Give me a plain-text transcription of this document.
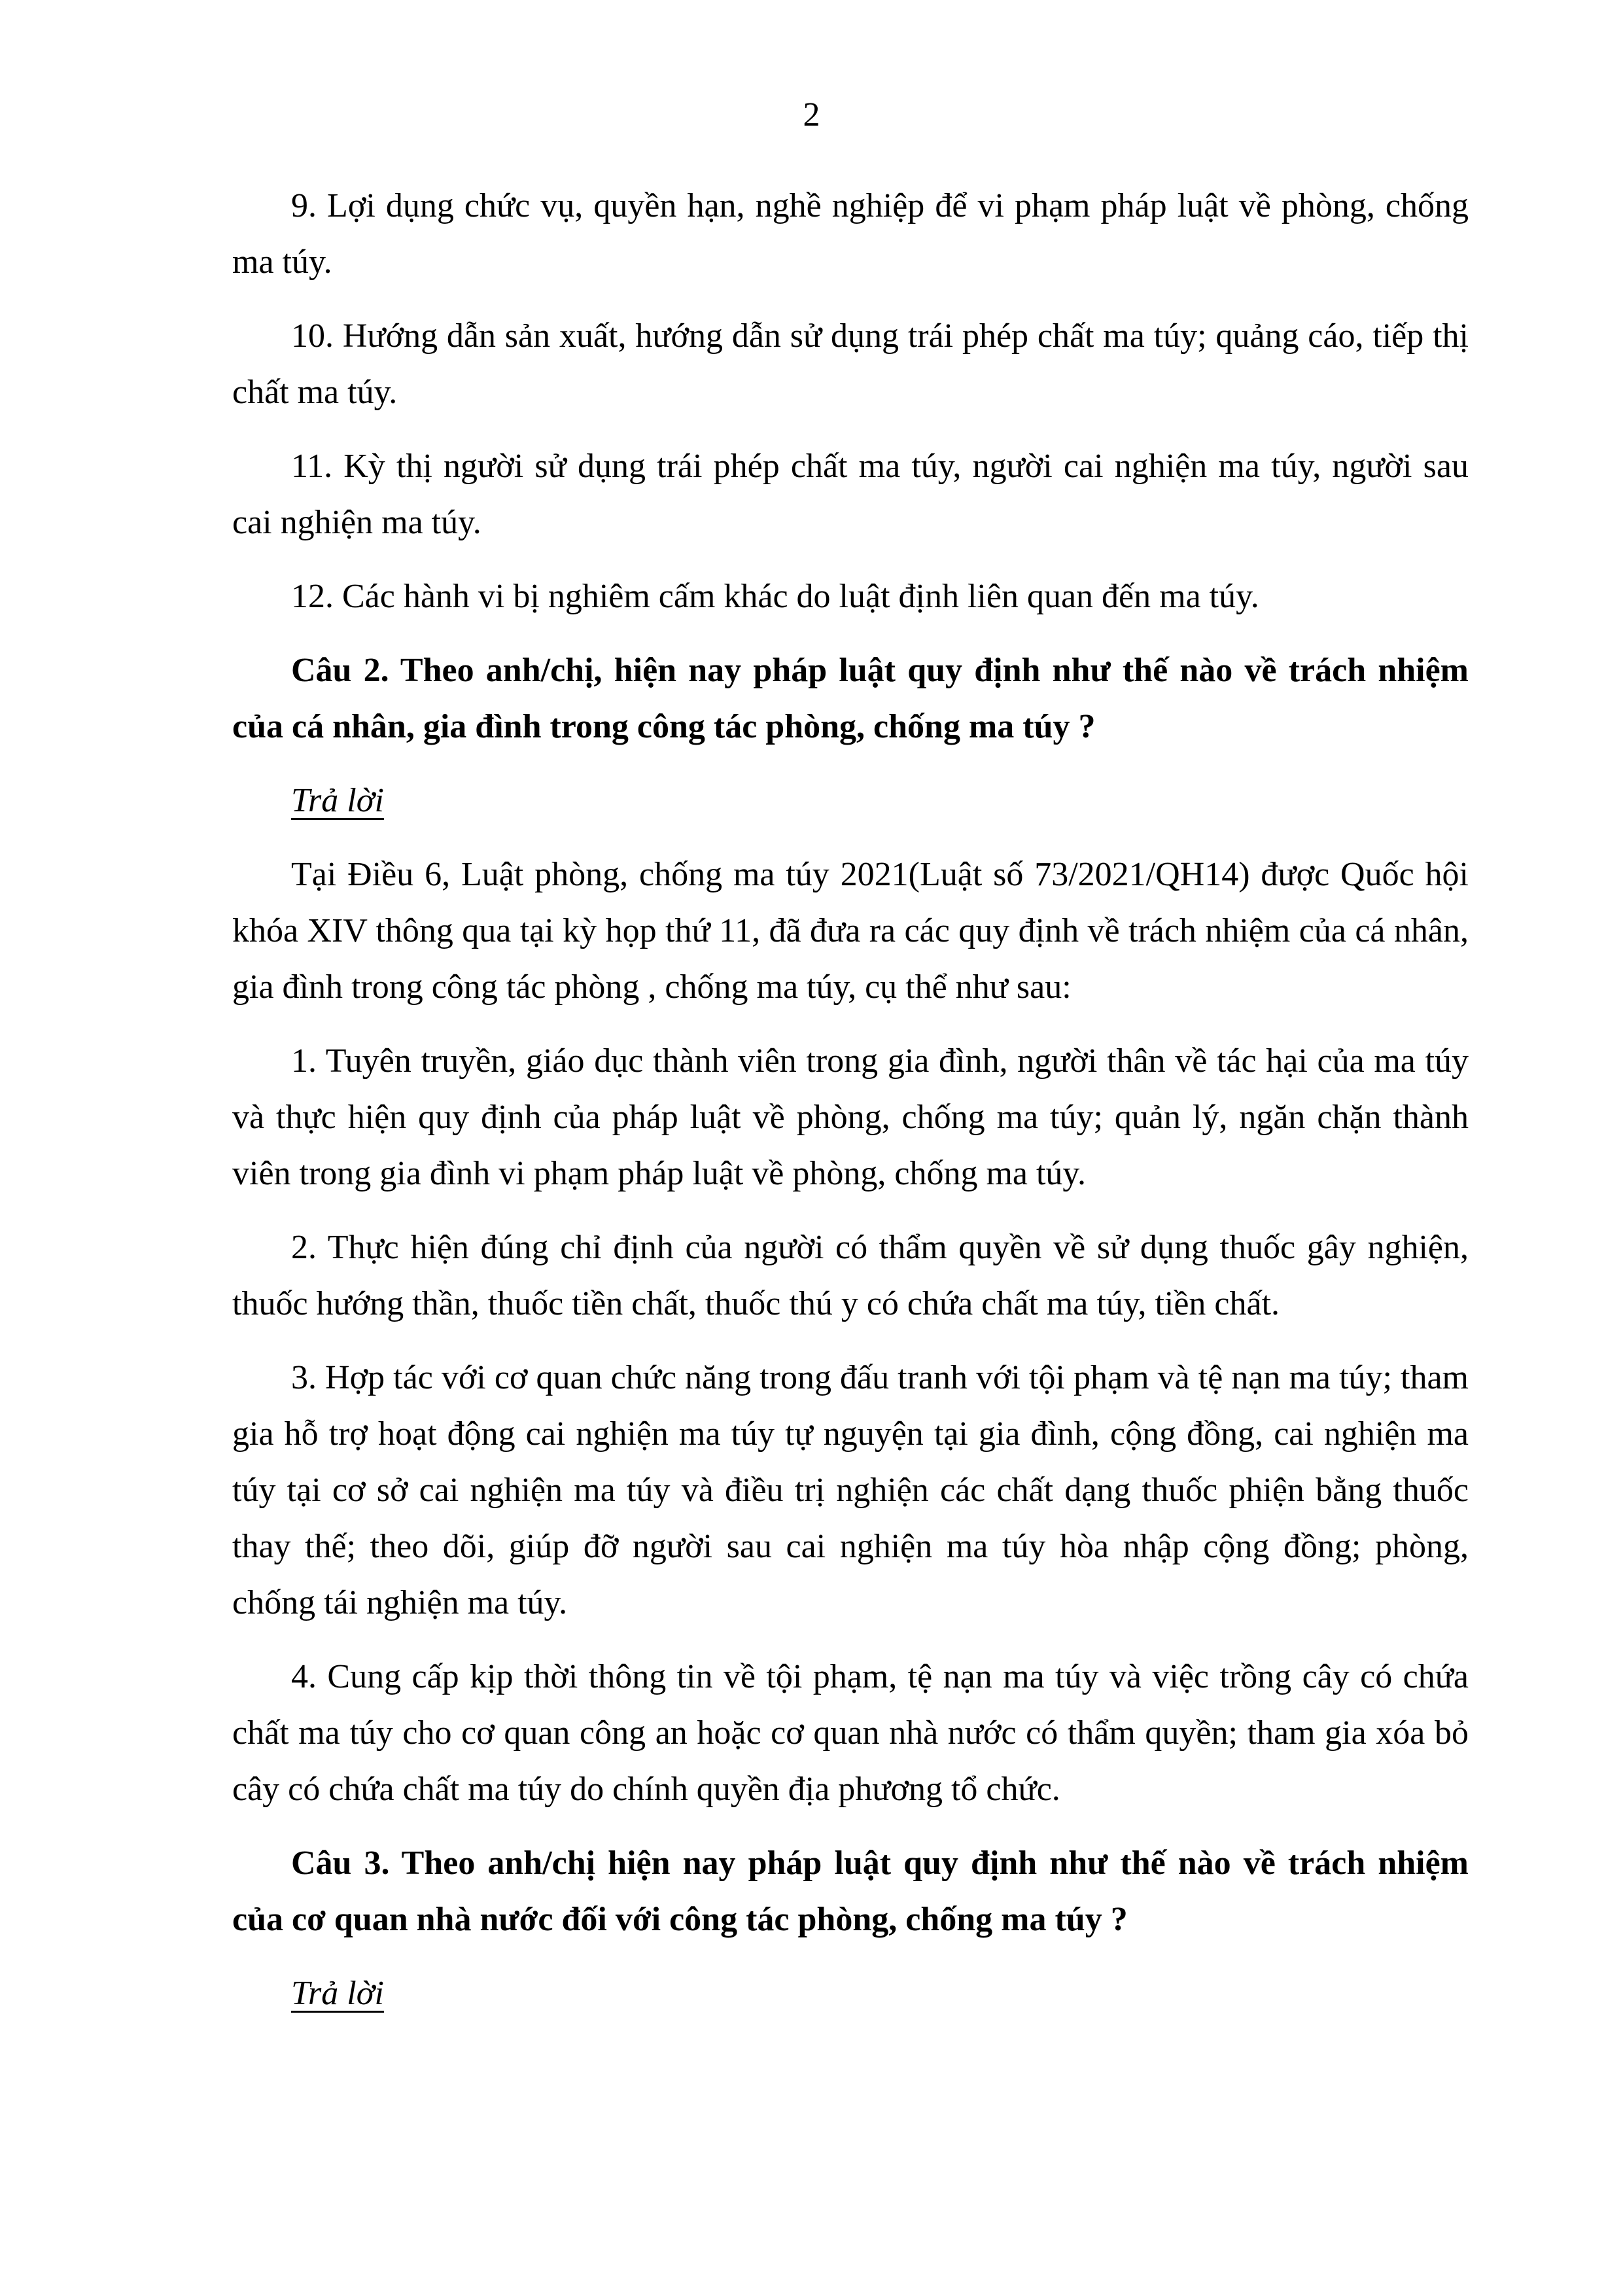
2

9. Lợi dụng chức vụ, quyền hạn, nghề nghiệp để vi phạm pháp luật về phòng, chống ma túy.

10. Hướng dẫn sản xuất, hướng dẫn sử dụng trái phép chất ma túy; quảng cáo, tiếp thị chất ma túy.

11. Kỳ thị người sử dụng trái phép chất ma túy, người cai nghiện ma túy, người sau cai nghiện ma túy.

12. Các hành vi bị nghiêm cấm khác do luật định liên quan đến ma túy.

Câu 2. Theo anh/chị, hiện nay pháp luật quy định như thế nào về trách nhiệm của cá nhân, gia đình trong công tác phòng, chống ma túy ?

Trả lời

Tại Điều 6, Luật phòng, chống ma túy 2021(Luật số 73/2021/QH14) được Quốc hội khóa XIV thông qua tại kỳ họp thứ 11, đã đưa ra các quy định về trách nhiệm của cá nhân, gia đình trong công tác phòng , chống ma túy, cụ thể như sau:

1. Tuyên truyền, giáo dục thành viên trong gia đình, người thân về tác hại của ma túy và thực hiện quy định của pháp luật về phòng, chống ma túy; quản lý, ngăn chặn thành viên trong gia đình vi phạm pháp luật về phòng, chống ma túy.

2. Thực hiện đúng chỉ định của người có thẩm quyền về sử dụng thuốc gây nghiện, thuốc hướng thần, thuốc tiền chất, thuốc thú y có chứa chất ma túy, tiền chất.

3. Hợp tác với cơ quan chức năng trong đấu tranh với tội phạm và tệ nạn ma túy; tham gia hỗ trợ hoạt động cai nghiện ma túy tự nguyện tại gia đình, cộng đồng, cai nghiện ma túy tại cơ sở cai nghiện ma túy và điều trị nghiện các chất dạng thuốc phiện bằng thuốc thay thế; theo dõi, giúp đỡ người sau cai nghiện ma túy hòa nhập cộng đồng; phòng, chống tái nghiện ma túy.

4. Cung cấp kịp thời thông tin về tội phạm, tệ nạn ma túy và việc trồng cây có chứa chất ma túy cho cơ quan công an hoặc cơ quan nhà nước có thẩm quyền; tham gia xóa bỏ cây có chứa chất ma túy do chính quyền địa phương tổ chức.

Câu 3. Theo anh/chị hiện nay pháp luật quy định như thế nào về trách nhiệm của cơ quan nhà nước đối với công tác phòng, chống ma túy ?

Trả lời
